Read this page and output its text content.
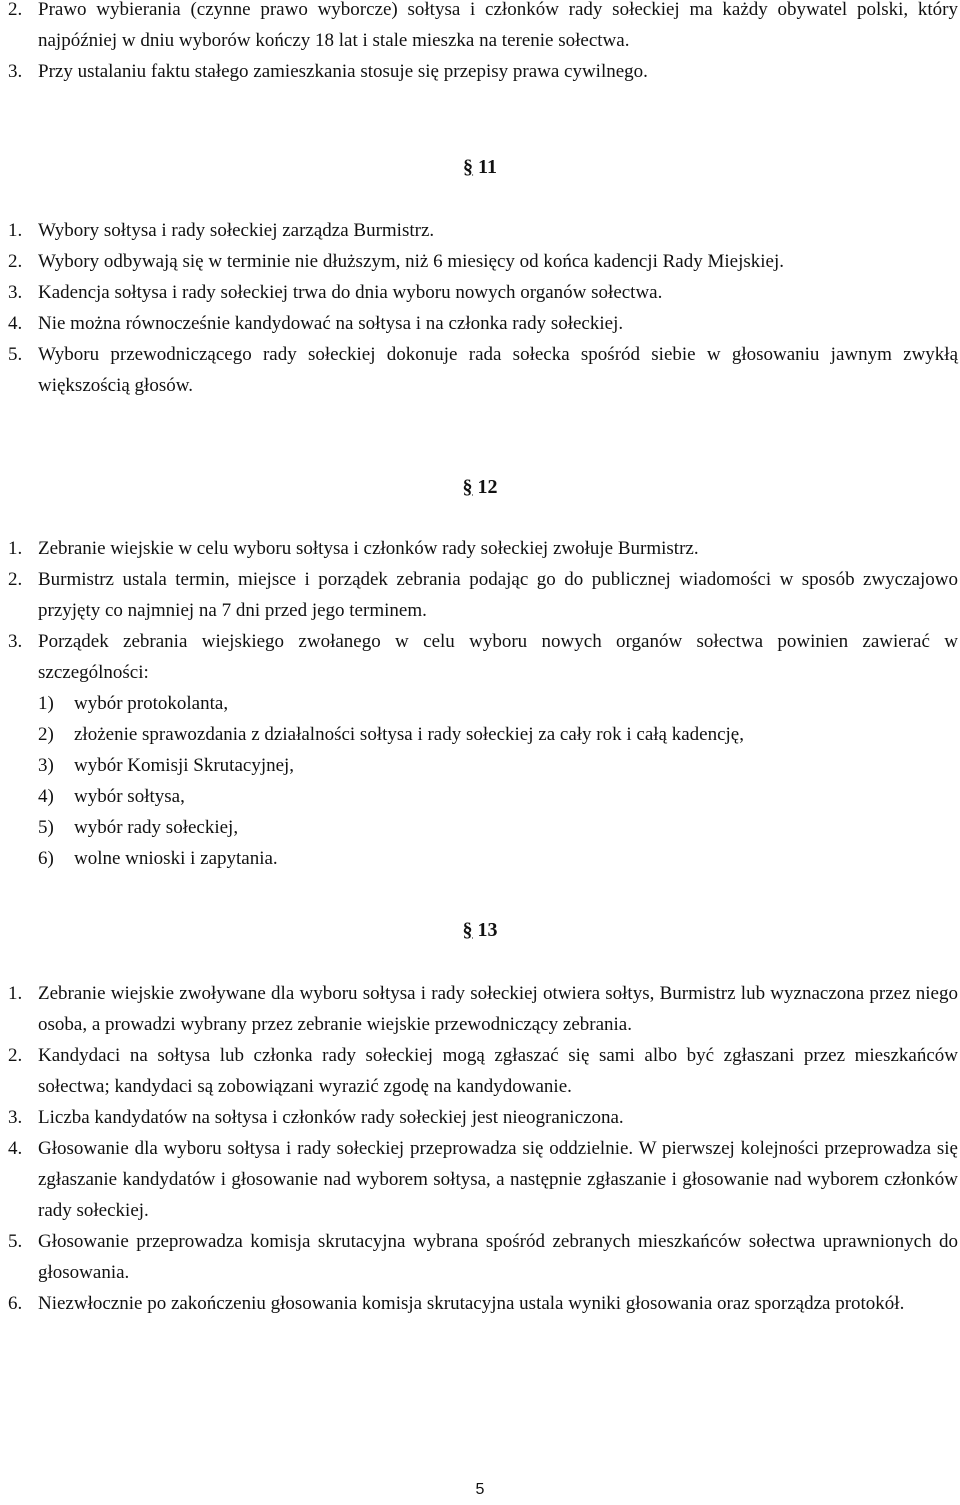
2. Prawo wybierania (czynne prawo wyborcze) sołtysa i członków rady sołeckiej ma każdy obywatel polski, który najpóźniej w dniu wyborów kończy 18 lat i stale mieszka na terenie sołectwa.
3. Przy ustalaniu faktu stałego zamieszkania stosuje się przepisy prawa cywilnego.
§ 11
1. Wybory sołtysa i rady sołeckiej zarządza Burmistrz.
2. Wybory odbywają się w terminie nie dłuższym, niż 6 miesięcy od końca kadencji Rady Miejskiej.
3. Kadencja sołtysa i rady sołeckiej trwa do dnia wyboru nowych organów sołectwa.
4. Nie można równocześnie kandydować na sołtysa i na członka rady sołeckiej.
5. Wyboru przewodniczącego rady sołeckiej dokonuje rada sołecka spośród siebie w głosowaniu jawnym zwykłą większością głosów.
§ 12
1. Zebranie wiejskie w celu wyboru sołtysa i członków rady sołeckiej zwołuje Burmistrz.
2. Burmistrz ustala termin, miejsce i porządek zebrania podając go do publicznej wiadomości w sposób zwyczajowo przyjęty co najmniej na 7 dni przed jego terminem.
3. Porządek zebrania wiejskiego zwołanego w celu wyboru nowych organów sołectwa powinien zawierać w szczególności:
1) wybór protokolanta,
2) złożenie sprawozdania z działalności sołtysa i rady sołeckiej za cały rok i całą kadencję,
3) wybór Komisji Skrutacyjnej,
4) wybór sołtysa,
5) wybór rady sołeckiej,
6) wolne wnioski i zapytania.
§ 13
1. Zebranie wiejskie zwoływane dla wyboru sołtysa i rady sołeckiej otwiera sołtys, Burmistrz lub wyznaczona przez niego osoba, a prowadzi wybrany przez zebranie wiejskie przewodniczący zebrania.
2. Kandydaci na sołtysa lub członka rady sołeckiej mogą zgłaszać się sami albo być zgłaszani przez mieszkańców sołectwa; kandydaci są zobowiązani wyrazić zgodę na kandydowanie.
3. Liczba kandydatów na sołtysa i członków rady sołeckiej jest nieograniczona.
4. Głosowanie dla wyboru sołtysa i rady sołeckiej przeprowadza się oddzielnie. W pierwszej kolejności przeprowadza się zgłaszanie kandydatów i głosowanie nad wyborem sołtysa, a następnie zgłaszanie i głosowanie nad wyborem członków rady sołeckiej.
5. Głosowanie przeprowadza komisja skrutacyjna wybrana spośród zebranych mieszkańców sołectwa uprawnionych do głosowania.
6. Niezwłocznie po zakończeniu głosowania komisja skrutacyjna ustala wyniki głosowania oraz sporządza protokół.
5
